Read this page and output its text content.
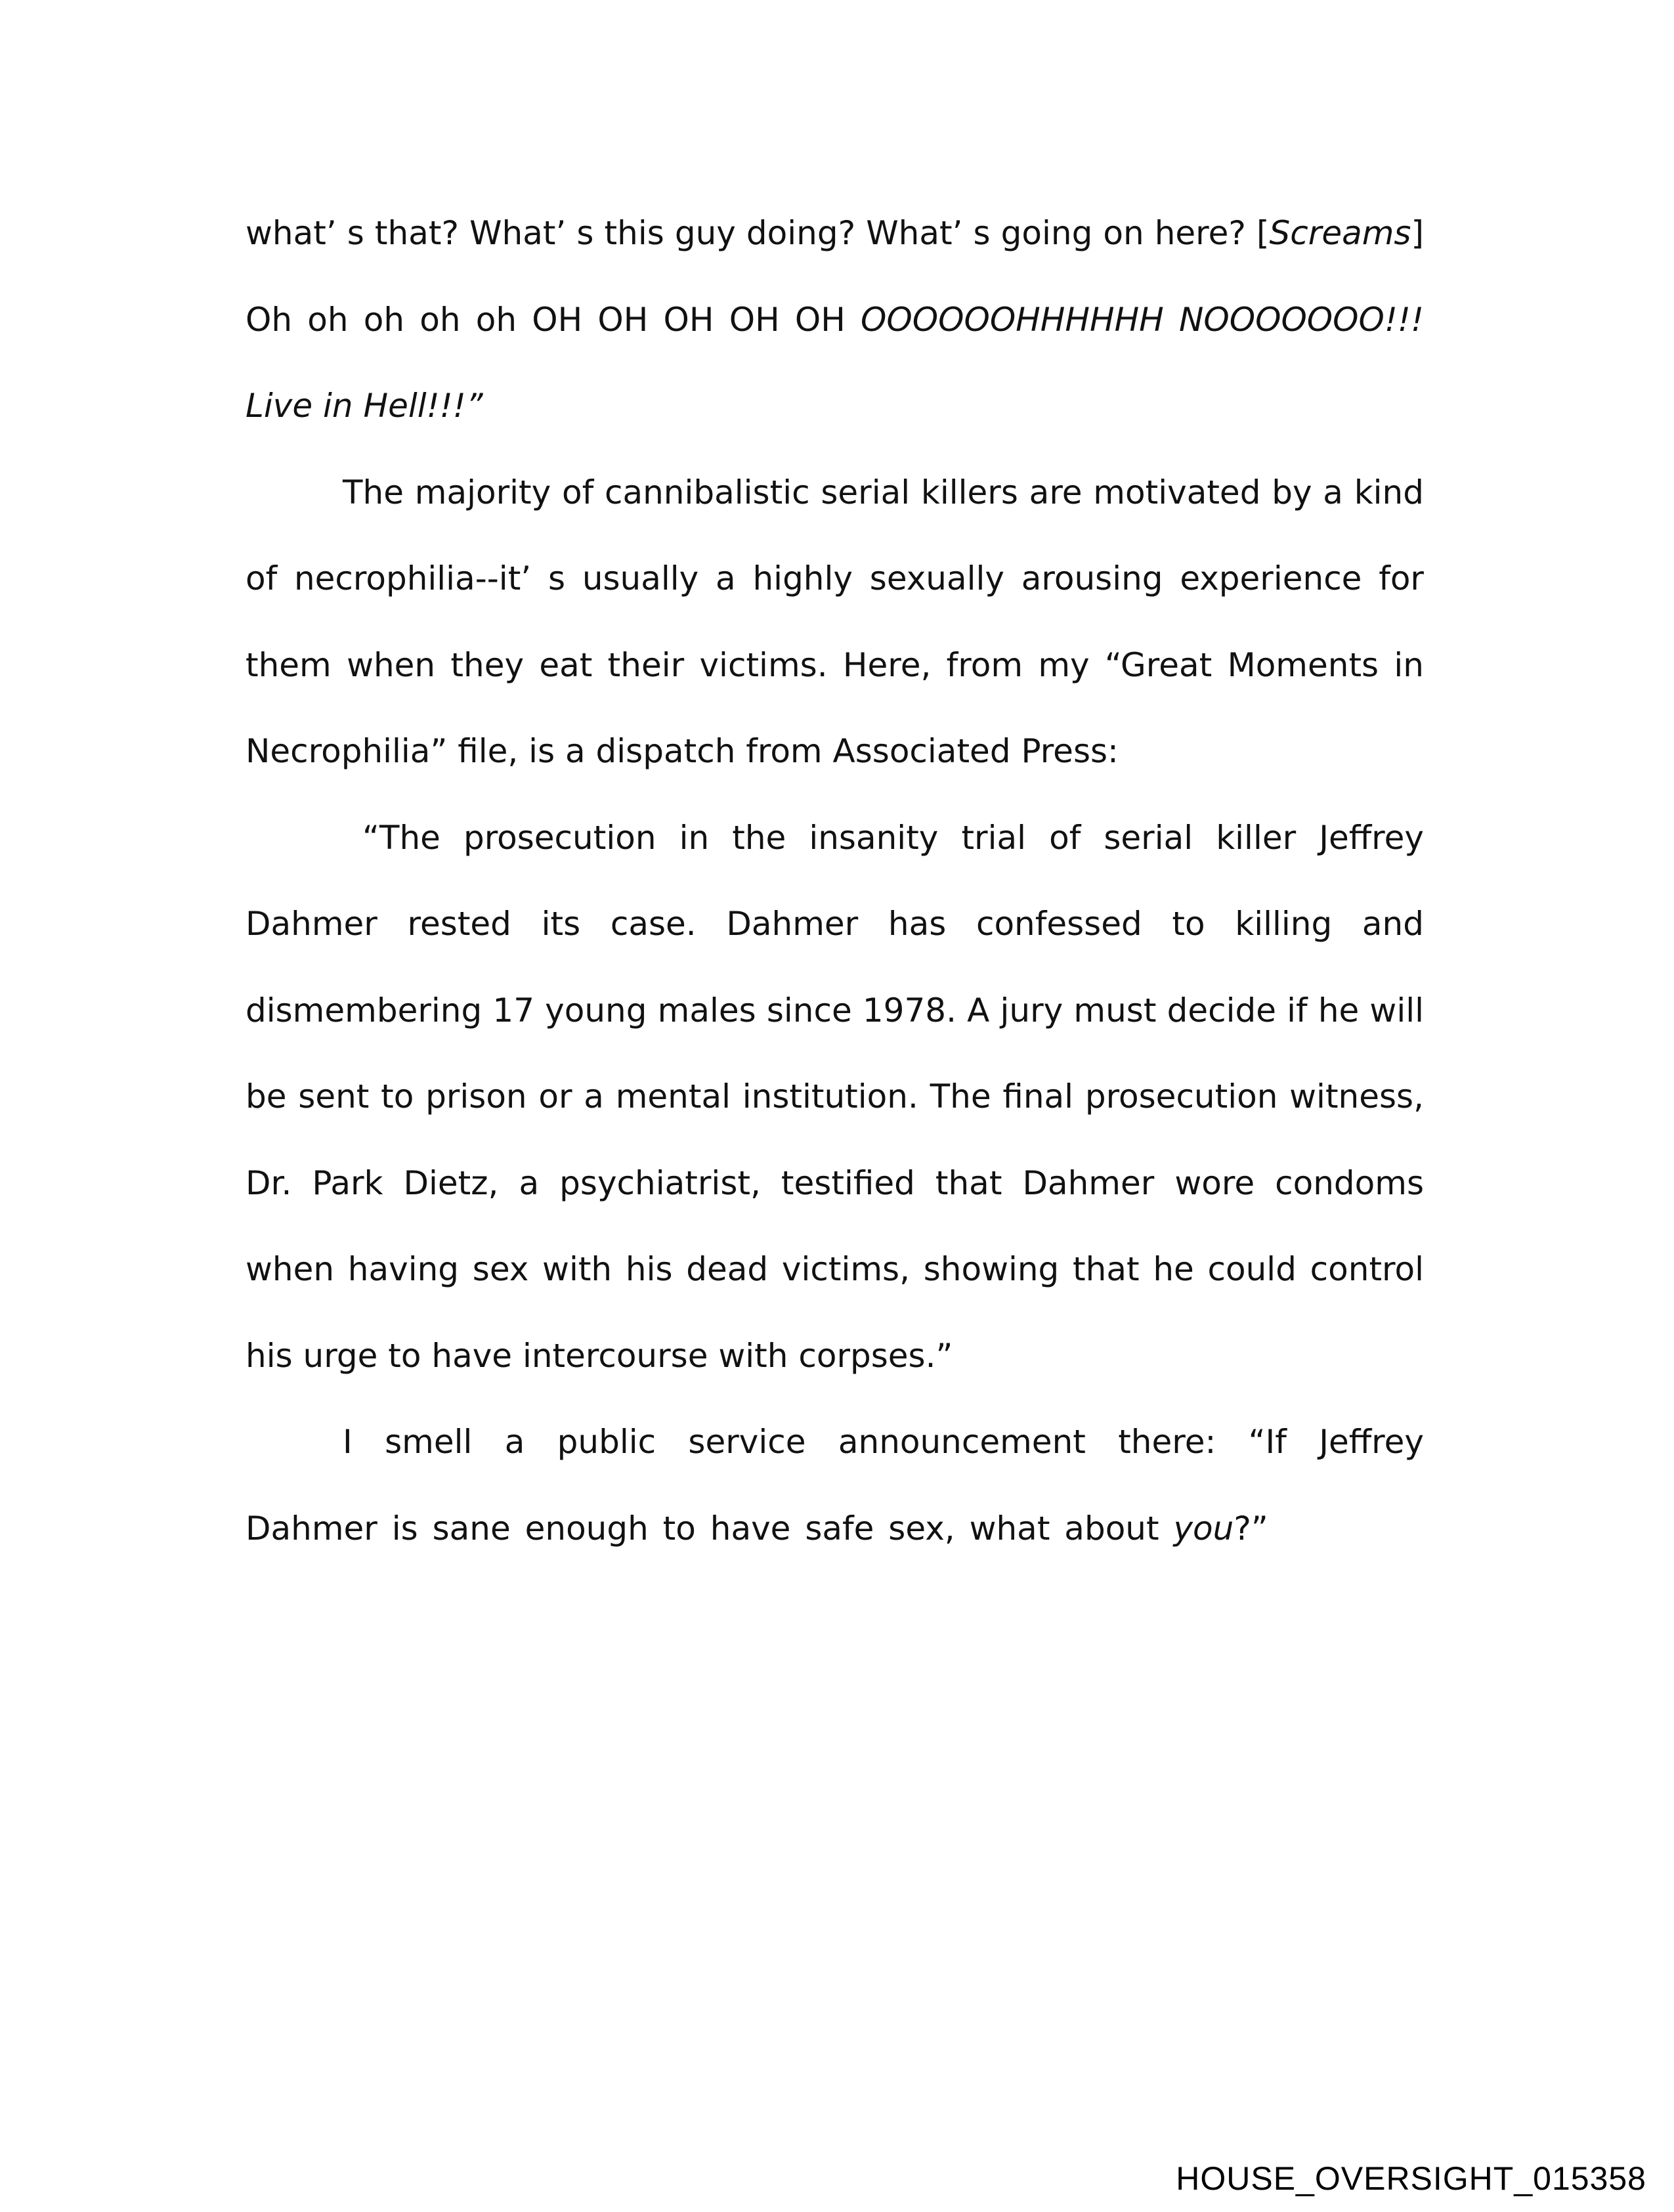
what’ s that? What’ s this guy doing? What’ s going on here? [Screams] Oh oh oh oh oh OH OH OH OH OH OOOOOOHHHHHH NOOOOOOO!!! Live in Hell!!!”

The majority of cannibalistic serial killers are motivated by a kind of necrophilia--it’ s usually a highly sexually arousing experience for them when they eat their victims. Here, from my “Great Moments in Necrophilia” file, is a dispatch from Associated Press:

“The prosecution in the insanity trial of serial killer Jeffrey Dahmer rested its case. Dahmer has confessed to killing and dismembering 17 young males since 1978. A jury must decide if he will be sent to prison or a mental institution. The final prosecution witness, Dr. Park Dietz, a psychiatrist, testified that Dahmer wore condoms when having sex with his dead victims, showing that he could control his urge to have intercourse with corpses.”

I smell a public service announcement there: “If Jeffrey Dahmer is sane enough to have safe sex, what about you?”

HOUSE_OVERSIGHT_015358
